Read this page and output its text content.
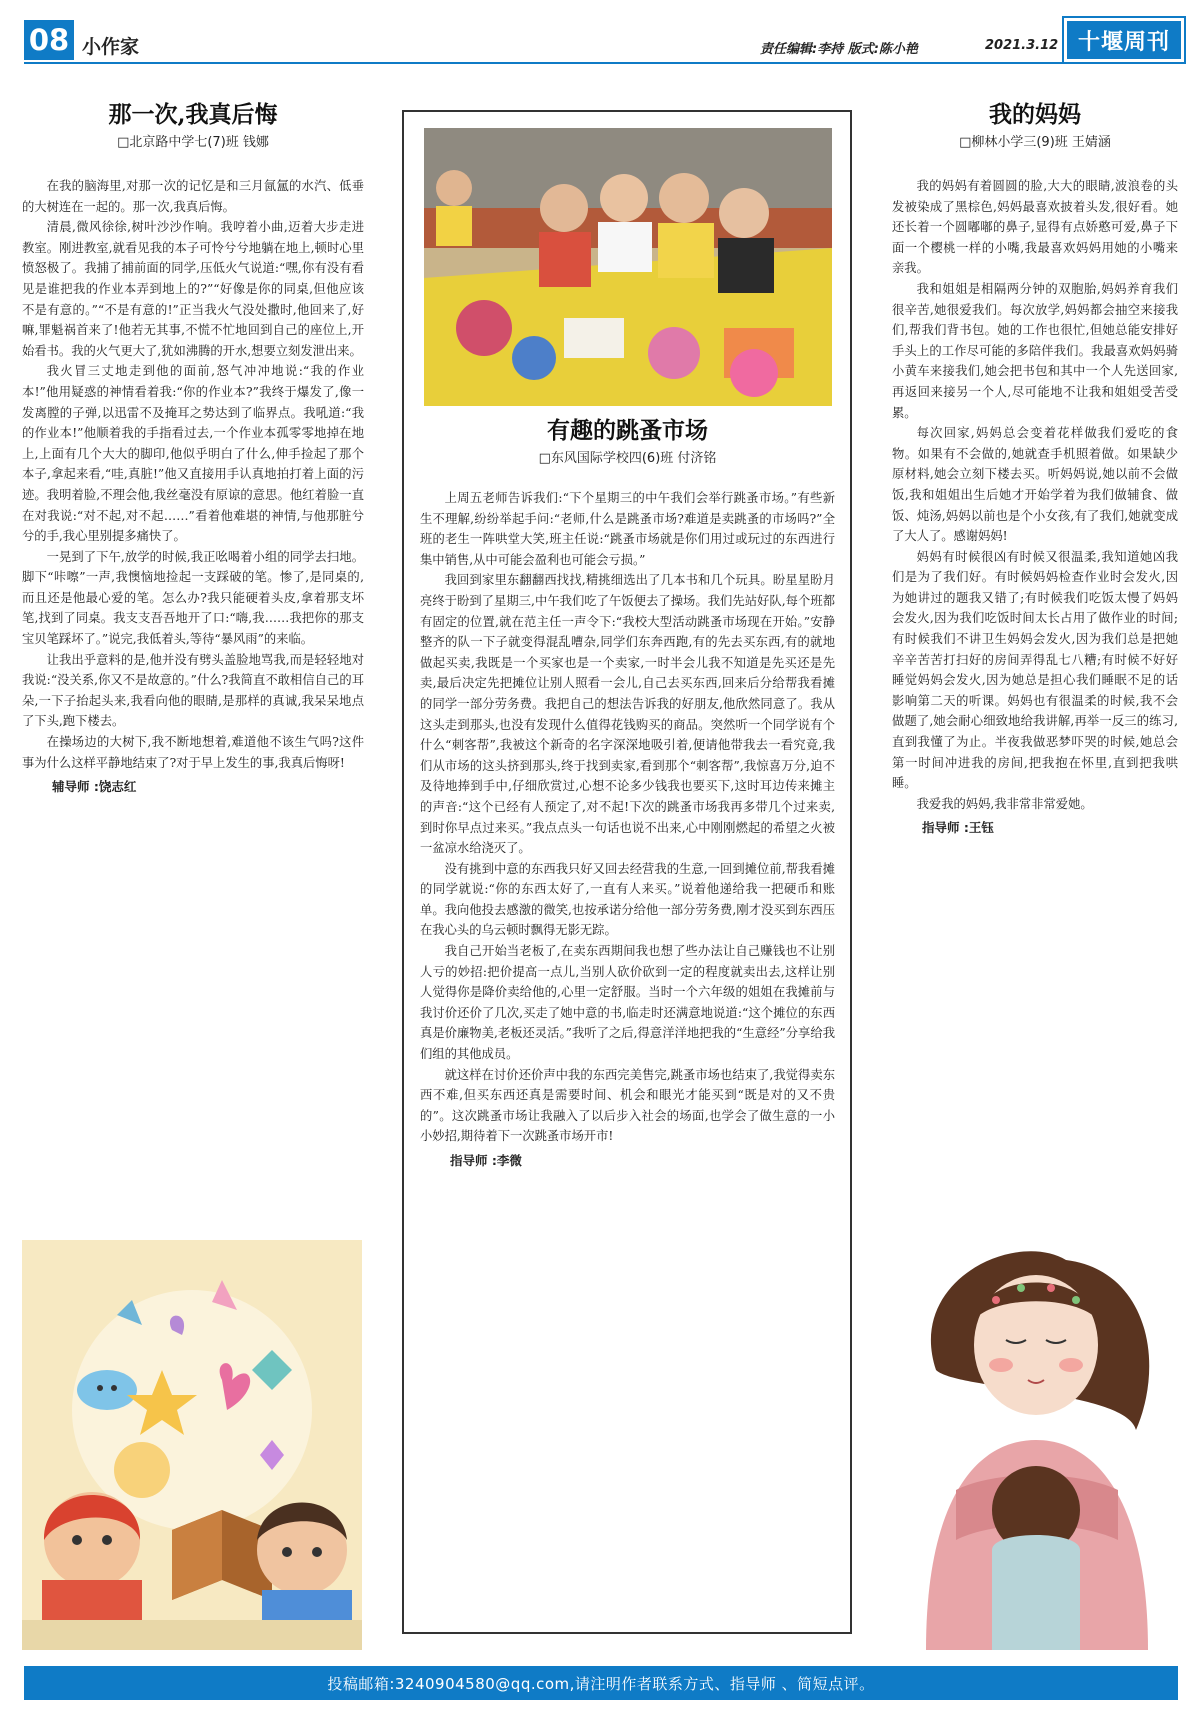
08 小作家	责任编辑:李持 版式:陈小艳	2021.3.12 十堰周刊
那一次,我真后悔
□北京路中学七(7)班 钱娜

在我的脑海里,对那一次的记忆是和三月氤氲的水汽、低垂的大树连在一起的。那一次,我真后悔。

清晨,微风徐徐,树叶沙沙作响。我哼着小曲,迈着大步走进教室。刚进教室,就看见我的本子可怜兮兮地躺在地上,顿时心里愤怒极了。我捕了捕前面的同学,压低火气说道:“嘿,你有没有看见是谁把我的作业本弄到地上的?”“好像是你的同桌,但他应该不是有意的。”“不是有意的!”正当我火气没处撒时,他回来了,好嘛,罪魁祸首来了!他若无其事,不慌不忙地回到自己的座位上,开始看书。我的火气更大了,犹如沸腾的开水,想要立刻发泄出来。

我火冒三丈地走到他的面前,怒气冲冲地说:“我的作业本!”他用疑惑的神情看着我:“你的作业本?”我终于爆发了,像一发离膛的子弹,以迅雷不及掩耳之势达到了临界点。我吼道:“我的作业本!”他顺着我的手指看过去,一个作业本孤零零地掉在地上,上面有几个大大的脚印,他似乎明白了什么,伸手捡起了那个本子,拿起来看,“哇,真脏!”他又直接用手认真地拍打着上面的污迹。我明着脸,不理会他,我丝毫没有原谅的意思。他红着脸一直在对我说:“对不起,对不起……”看着他难堪的神情,与他那脏兮兮的手,我心里别提多痛快了。

一晃到了下午,放学的时候,我正吆喝着小组的同学去扫地。脚下“咔嚓”一声,我懊恼地捡起一支踩破的笔。惨了,是同桌的,而且还是他最心爱的笔。怎么办?我只能硬着头皮,拿着那支坏笔,找到了同桌。我支支吾吾地开了口:“嗨,我……我把你的那支宝贝笔踩坏了。”说完,我低着头,等待“暴风雨”的来临。

让我出乎意料的是,他并没有劈头盖脸地骂我,而是轻轻地对我说:“没关系,你又不是故意的。”什么?我简直不敢相信自己的耳朵,一下子抬起头来,我看向他的眼睛,是那样的真诚,我呆呆地点了下头,跑下楼去。

在操场边的大树下,我不断地想着,难道他不该生气吗?这件事为什么这样平静地结束了?对于早上发生的事,我真后悔呀!

辅导师 :饶志红
有趣的跳蚤市场
□东风国际学校四(6)班 付济铭

上周五老师告诉我们:“下个星期三的中午我们会举行跳蚤市场。”有些新生不理解,纷纷举起手问:“老师,什么是跳蚤市场?难道是卖跳蚤的市场吗?”全班的老生一阵哄堂大笑,班主任说:“跳蚤市场就是你们用过或玩过的东西进行集中销售,从中可能会盈利也可能会亏损。”

我回到家里东翻翻西找找,精挑细选出了几本书和几个玩具。盼星星盼月亮终于盼到了星期三,中午我们吃了午饭便去了操场。我们先站好队,每个班都有固定的位置,就在范主任一声令下:“我校大型活动跳蚤市场现在开始。”安静整齐的队一下子就变得混乱嘈杂,同学们东奔西跑,有的先去买东西,有的就地做起买卖,我既是一个买家也是一个卖家,一时半会儿我不知道是先买还是先卖,最后决定先把摊位让别人照看一会儿,自己去买东西,回来后分给帮我看摊的同学一部分劳务费。我把自己的想法告诉我的好朋友,他欣然同意了。我从这头走到那头,也没有发现什么值得花钱购买的商品。突然听一个同学说有个什么“刺客帮”,我被这个新奇的名字深深地吸引着,便请他带我去一看究竟,我们从市场的这头挤到那头,终于找到卖家,看到那个“刺客帮”,我惊喜万分,迫不及待地捧到手中,仔细欣赏过,心想不论多少钱我也要买下,这时耳边传来摊主的声音:“这个已经有人预定了,对不起!下次的跳蚤市场我再多带几个过来卖,到时你早点过来买。”我点点头一句话也说不出来,心中刚刚燃起的希望之火被一盆凉水给浇灭了。

没有挑到中意的东西我只好又回去经营我的生意,一回到摊位前,帮我看摊的同学就说:“你的东西太好了,一直有人来买。”说着他递给我一把硬币和账单。我向他投去感激的微笑,也按承诺分给他一部分劳务费,刚才没买到东西压在我心头的乌云顿时飘得无影无踪。

我自己开始当老板了,在卖东西期间我也想了些办法让自己赚钱也不让别人亏的妙招:把价提高一点儿,当别人砍价砍到一定的程度就卖出去,这样让别人觉得你是降价卖给他的,心里一定舒服。当时一个六年级的姐姐在我摊前与我讨价还价了几次,买走了她中意的书,临走时还满意地说道:“这个摊位的东西真是价廉物美,老板还灵活。”我听了之后,得意洋洋地把我的“生意经”分享给我们组的其他成员。

就这样在讨价还价声中我的东西完美售完,跳蚤市场也结束了,我觉得卖东西不难,但买东西还真是需要时间、机会和眼光才能买到“既是对的又不贵的”。这次跳蚤市场让我融入了以后步入社会的场面,也学会了做生意的一小小妙招,期待着下一次跳蚤市场开市!

指导师 :李微
我的妈妈
□柳林小学三(9)班 王婧涵

我的妈妈有着圆圆的脸,大大的眼睛,波浪卷的头发被染成了黑棕色,妈妈最喜欢披着头发,很好看。她还长着一个圆嘟嘟的鼻子,显得有点娇憨可爱,鼻子下面一个樱桃一样的小嘴,我最喜欢妈妈用她的小嘴来亲我。

我和姐姐是相隔两分钟的双胞胎,妈妈养育我们很辛苦,她很爱我们。每次放学,妈妈都会抽空来接我们,帮我们背书包。她的工作也很忙,但她总能安排好手头上的工作尽可能的多陪伴我们。我最喜欢妈妈骑小黄车来接我们,她会把书包和其中一个人先送回家,再返回来接另一个人,尽可能地不让我和姐姐受苦受累。

每次回家,妈妈总会变着花样做我们爱吃的食物。如果有不会做的,她就查手机照着做。如果缺少原材料,她会立刻下楼去买。听妈妈说,她以前不会做饭,我和姐姐出生后她才开始学着为我们做辅食、做饭、炖汤,妈妈以前也是个小女孩,有了我们,她就变成了大人了。感谢妈妈!

妈妈有时候很凶有时候又很温柔,我知道她凶我们是为了我们好。有时候妈妈检查作业时会发火,因为她讲过的题我又错了;有时候我们吃饭太慢了妈妈会发火,因为我们吃饭时间太长占用了做作业的时间;有时候我们不讲卫生妈妈会发火,因为我们总是把她辛辛苦苦打扫好的房间弄得乱七八糟;有时候不好好睡觉妈妈会发火,因为她总是担心我们睡眠不足的话影响第二天的听课。妈妈也有很温柔的时候,我不会做题了,她会耐心细致地给我讲解,再举一反三的练习,直到我懂了为止。半夜我做恶梦吓哭的时候,她总会第一时间冲进我的房间,把我抱在怀里,直到把我哄睡。

我爱我的妈妈,我非常非常爱她。

指导师 :王钰
投稿邮箱:3240904580@qq.com,请注明作者联系方式、指导师 、简短点评。
